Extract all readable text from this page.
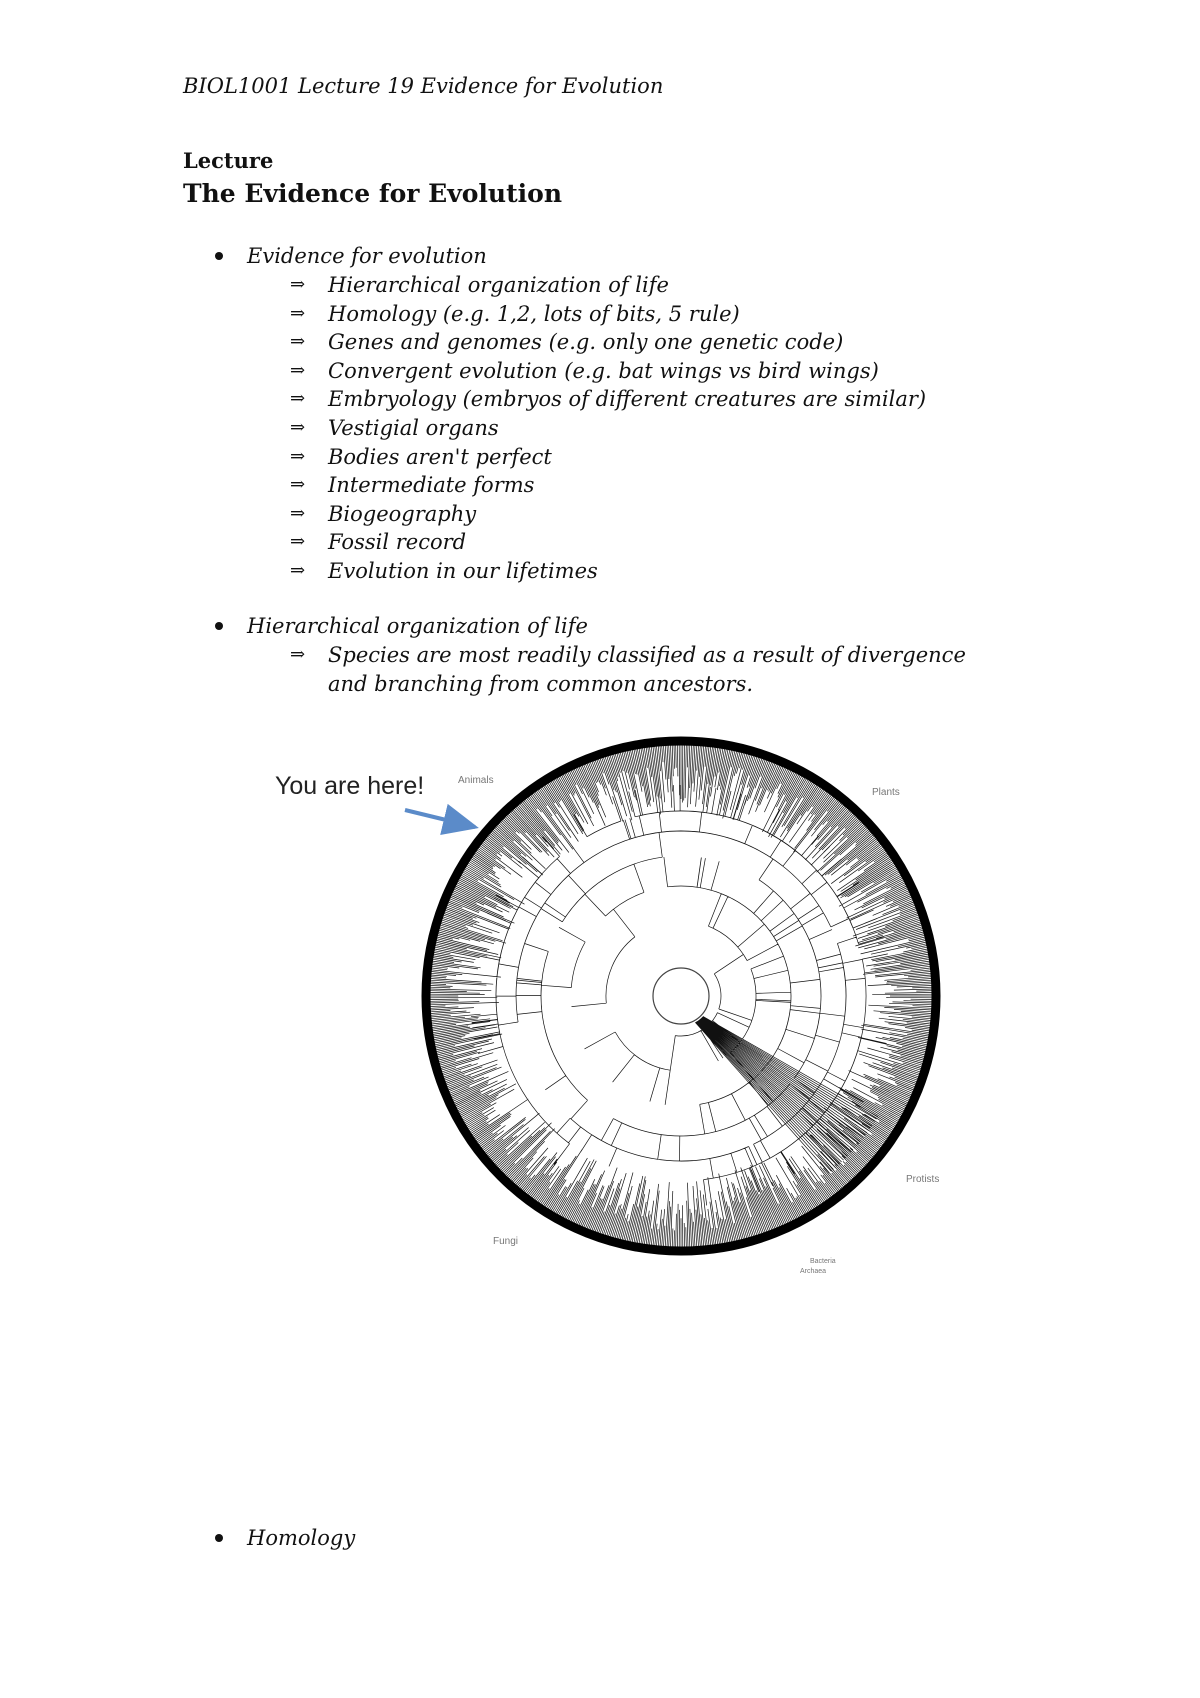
BIOL1001 Lecture 19 Evidence for Evolution
Lecture
The Evidence for Evolution
Evidence for evolution
⇒ Hierarchical organization of life
⇒ Homology (e.g. 1,2, lots of bits, 5 rule)
⇒ Genes and genomes (e.g. only one genetic code)
⇒ Convergent evolution (e.g. bat wings vs bird wings)
⇒ Embryology (embryos of different creatures are similar)
⇒ Vestigial organs
⇒ Bodies aren't perfect
⇒ Intermediate forms
⇒ Biogeography
⇒ Fossil record
⇒ Evolution in our lifetimes
Hierarchical organization of life
⇒ Species are most readily classified as a result of divergence and branching from common ancestors.
You are here!	Animals
Plants
Protists
Fungi
Bacteria
Archaea
Homology
